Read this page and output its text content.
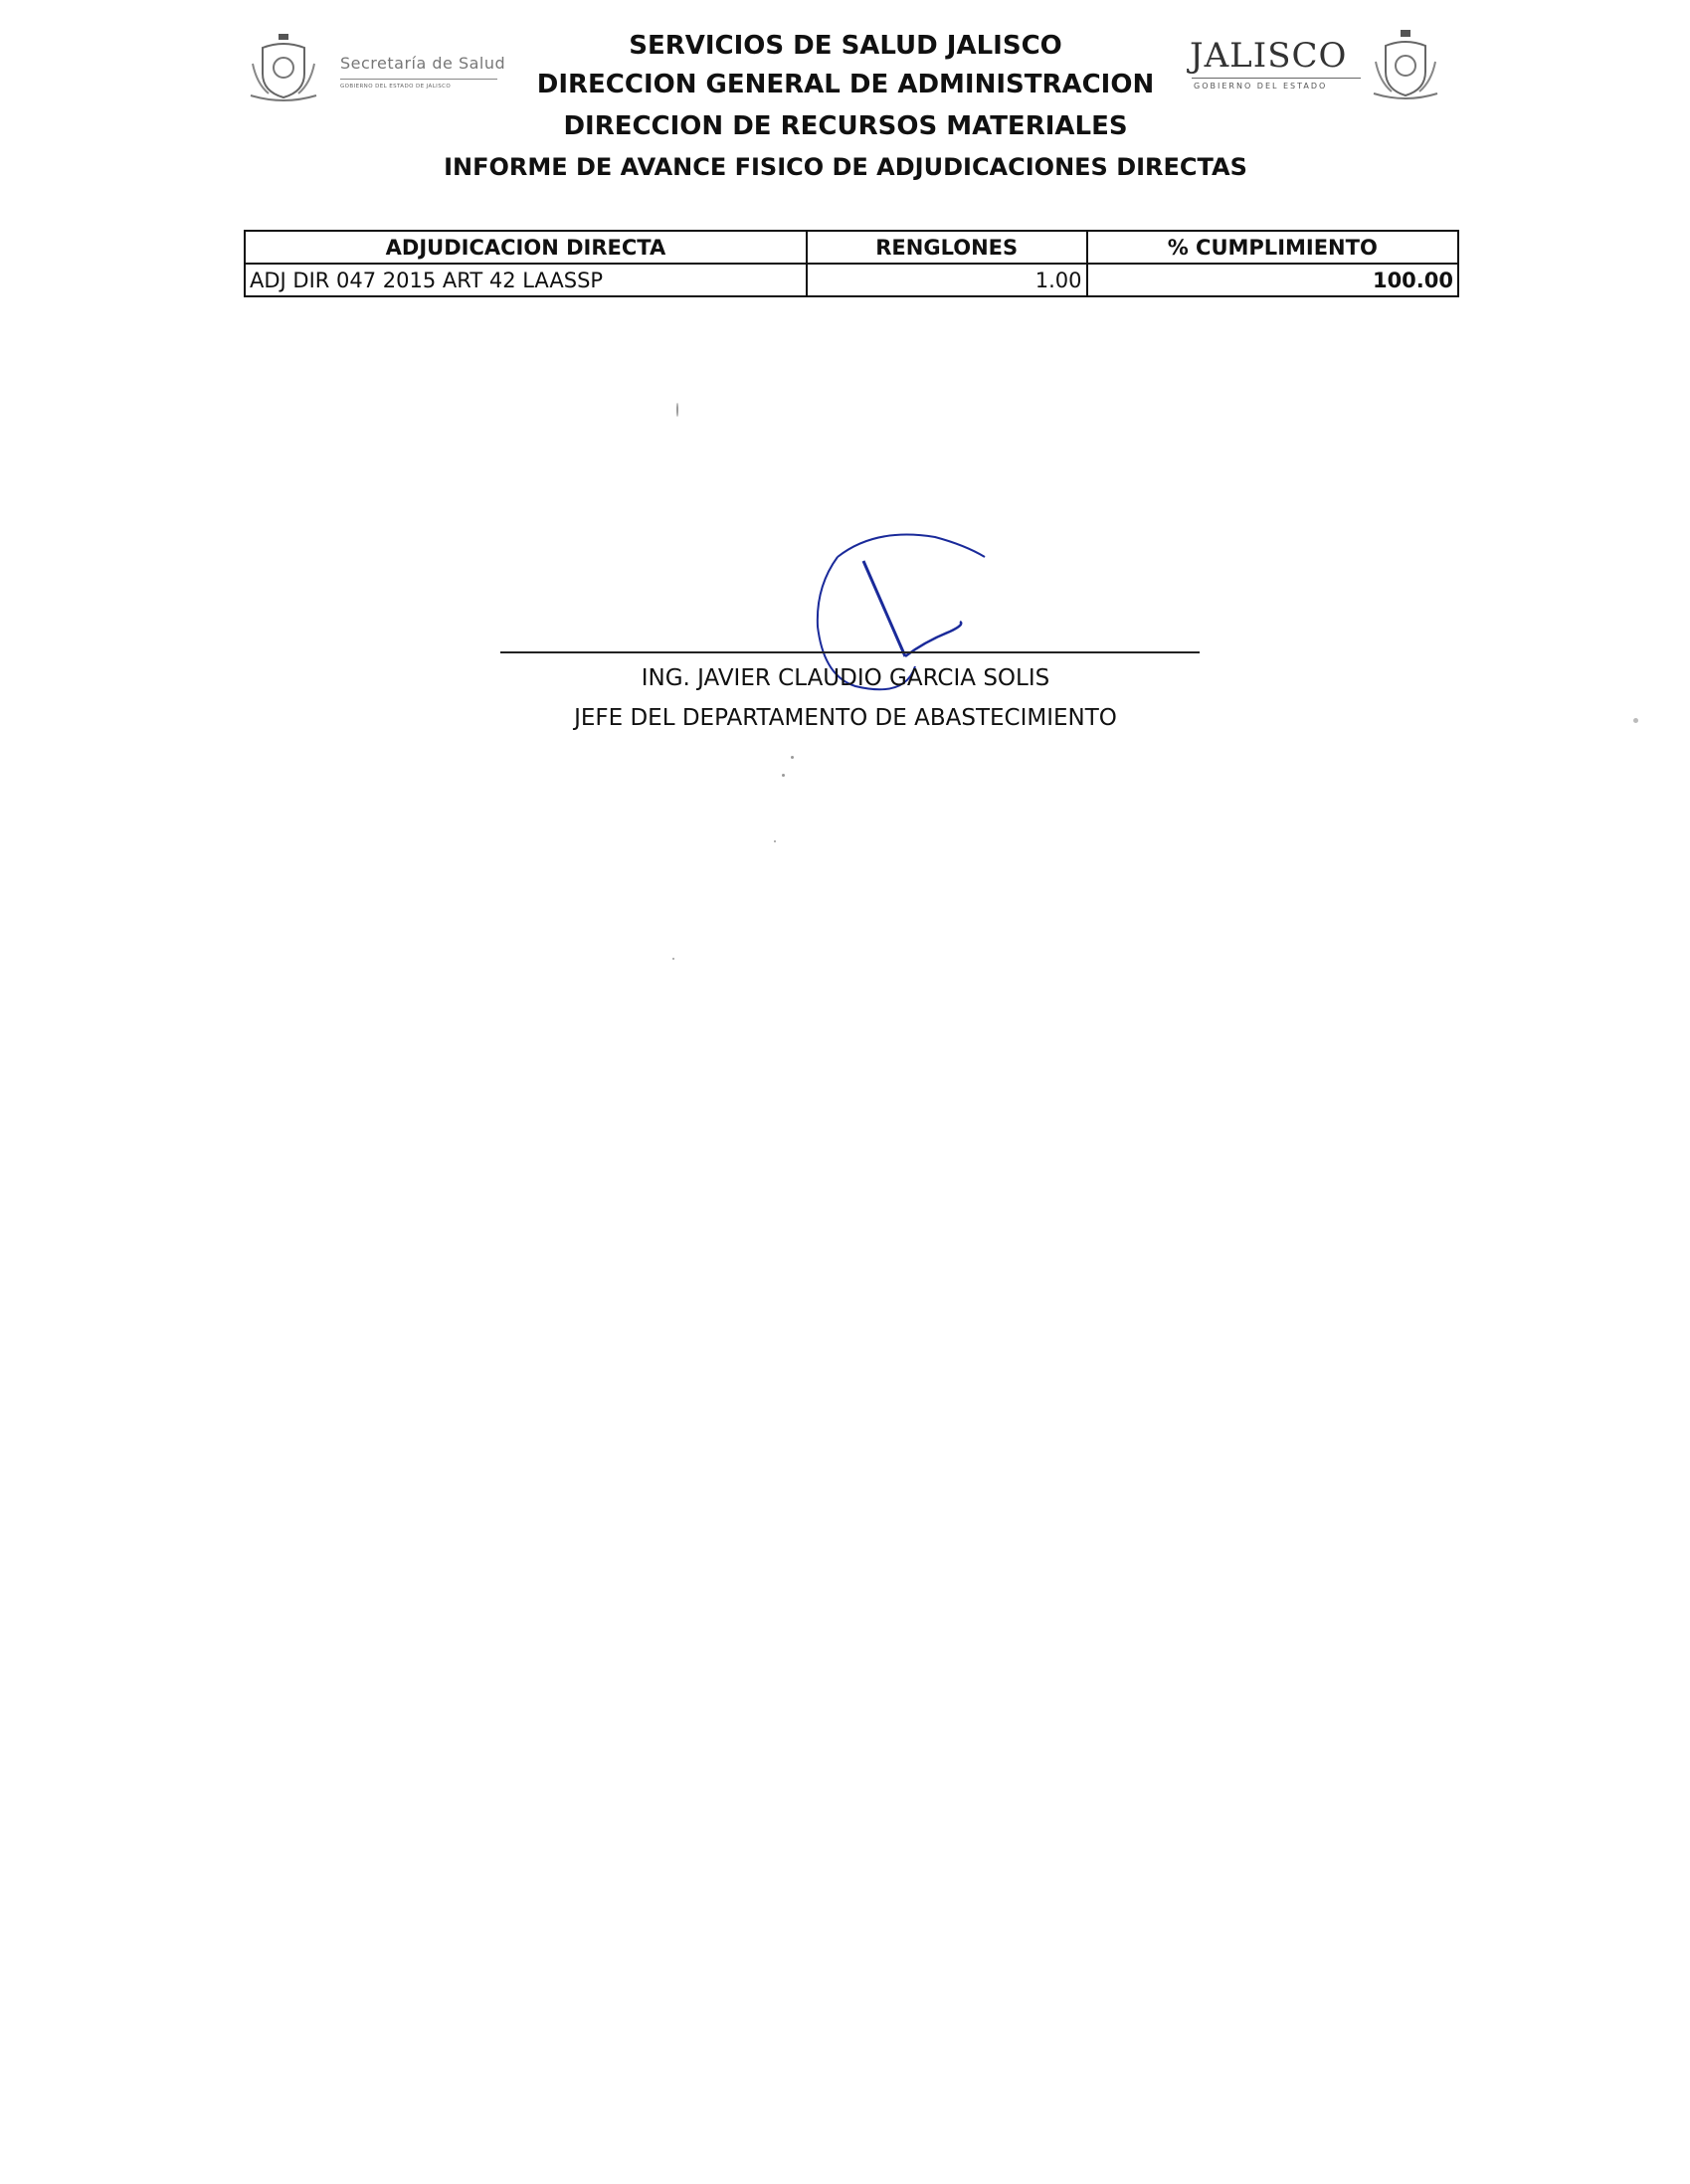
Secretaría de Salud
GOBIERNO DEL ESTADO DE JALISCO
SERVICIOS DE SALUD JALISCO
DIRECCION GENERAL DE ADMINISTRACION
DIRECCION DE RECURSOS MATERIALES
INFORME DE AVANCE FISICO DE ADJUDICACIONES DIRECTAS
JALISCO
GOBIERNO DEL ESTADO
ADJUDICACION DIRECTA	RENGLONES	% CUMPLIMIENTO
ADJ DIR 047 2015 ART 42 LAASSP	1.00	100.00
ING. JAVIER CLAUDIO GARCIA SOLIS
JEFE DEL DEPARTAMENTO DE ABASTECIMIENTO
